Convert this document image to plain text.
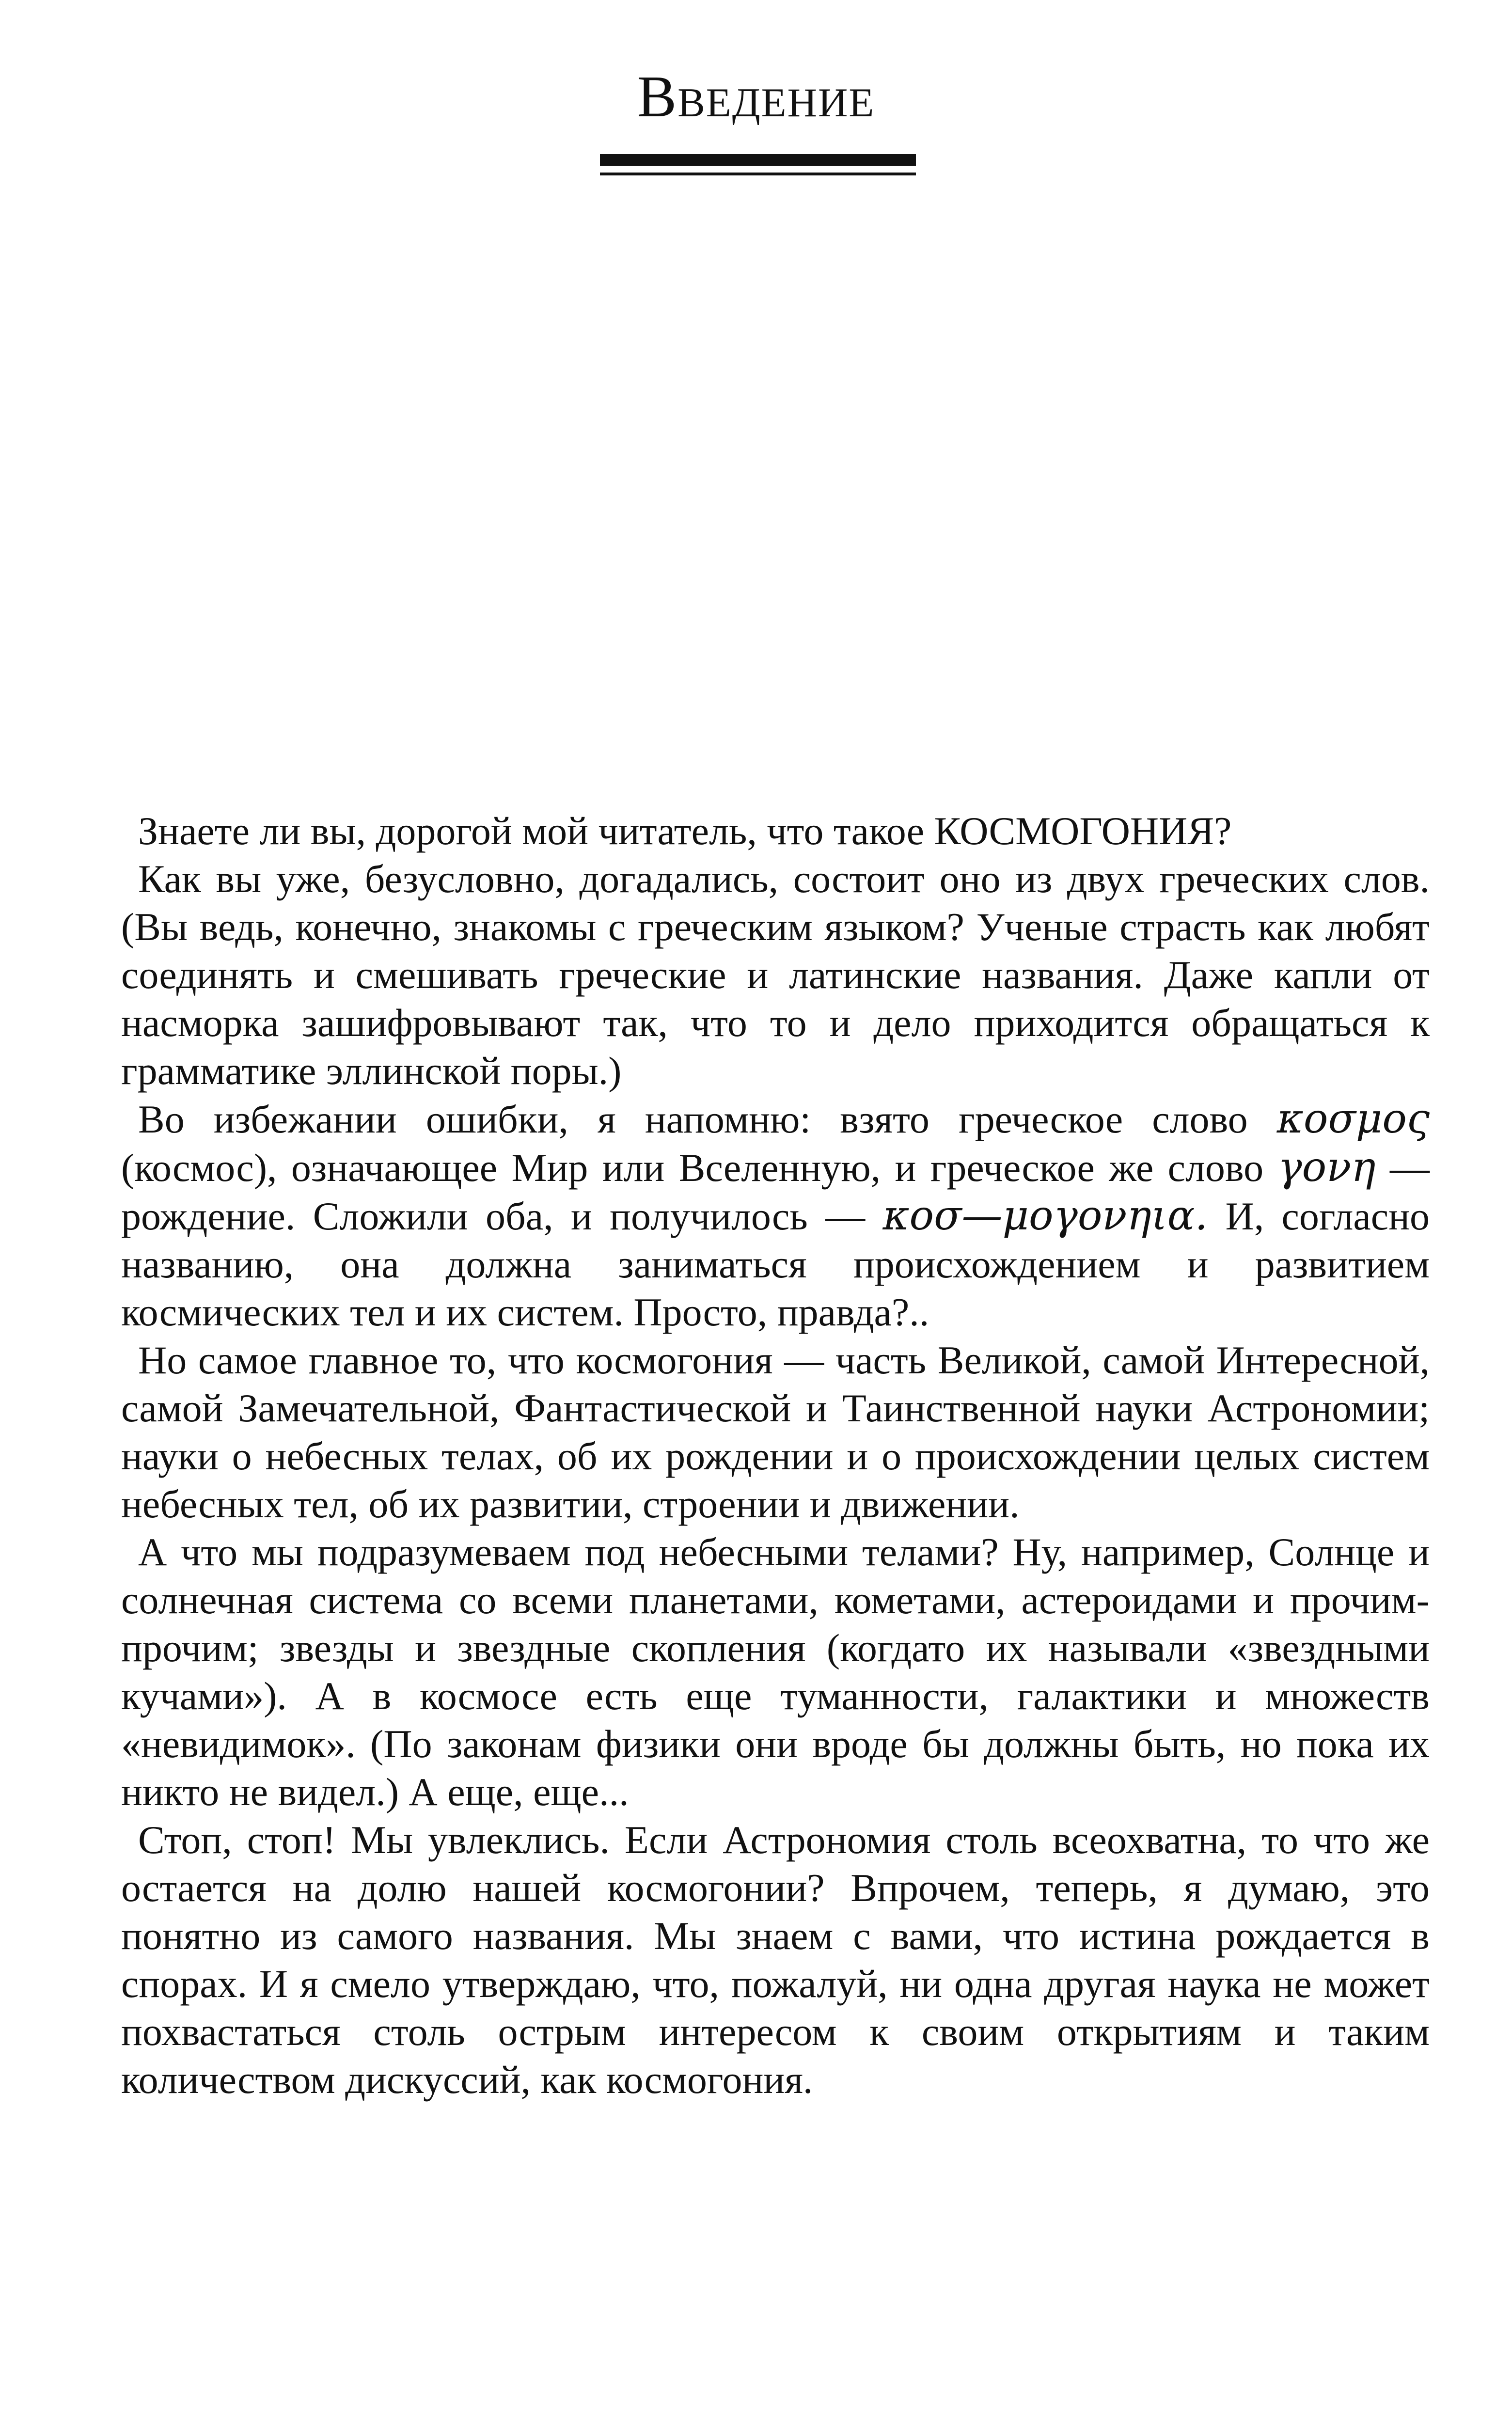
Введение

Знаете ли вы, дорогой мой читатель, что такое КОСМОГОНИЯ?

Как вы уже, безусловно, догадались, состоит оно из двух греческих слов. (Вы ведь, конечно, знакомы с греческим языком? Ученые страсть как любят соединять и смешивать греческие и латинские названия. Даже капли от насморка зашифровывают так, что то и дело приходится обращаться к грамматике эллинской поры.)

Во избежании ошибки, я напомню: взято греческое слово κοσμος (космос), означающее Мир или Вселенную, и греческое же слово γονη — рождение. Сложили оба, и получилось — κοσ—μογονηια. И, согласно названию, она должна заниматься происхождением и развитием космических тел и их систем. Просто, правда?..

Но самое главное то, что космогония — часть Великой, самой Интересной, самой Замечательной, Фантастической и Таинственной науки Астрономии; науки о небесных телах, об их рождении и о происхождении целых систем небесных тел, об их развитии, строении и движении.

А что мы подразумеваем под небесными телами? Ну, например, Солнце и солнечная система со всеми планетами, кометами, астероидами и прочим-прочим; звезды и звездные скопления (когдато их называли «звездными кучами»). А в космосе есть еще туманности, галактики и множеств «невидимок». (По законам физики они вроде бы должны быть, но пока их никто не видел.) А еще, еще...

Стоп, стоп! Мы увлеклись. Если Астрономия столь всеохватна, то что же остается на долю нашей космогонии? Впрочем, теперь, я думаю, это понятно из самого названия. Мы знаем с вами, что истина рождается в спорах. И я смело утверждаю, что, пожалуй, ни одна другая наука не может похвастаться столь острым интересом к своим открытиям и таким количеством дискуссий, как космогония.
